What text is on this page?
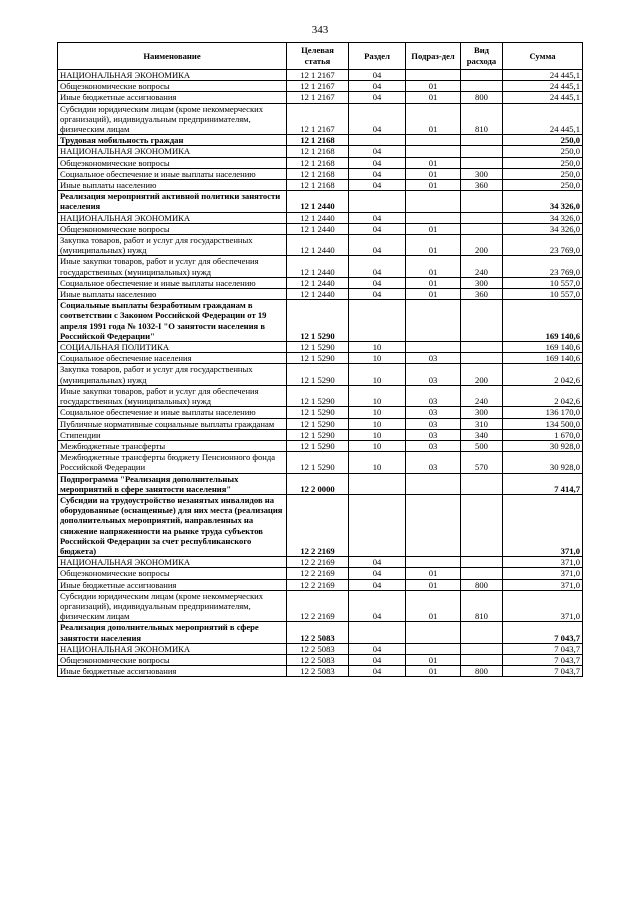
343
Наименование	Целевая статья	Раздел	Подраз-дел	Вид расхода	Сумма
НАЦИОНАЛЬНАЯ ЭКОНОМИКА	12 1 2167	04			24 445,1
Общеэкономические вопросы	12 1 2167	04	01		24 445,1
Иные бюджетные ассигнования	12 1 2167	04	01	800	24 445,1
Субсидии юридическим лицам (кроме некоммерческих организаций), индивидуальным предпринимателям, физическим лицам	12 1 2167	04	01	810	24 445,1
Трудовая мобильность граждан	12 1 2168				250,0
НАЦИОНАЛЬНАЯ ЭКОНОМИКА	12 1 2168	04			250,0
Общеэкономические вопросы	12 1 2168	04	01		250,0
Социальное обеспечение и иные выплаты населению	12 1 2168	04	01	300	250,0
Иные выплаты населению	12 1 2168	04	01	360	250,0
Реализация мероприятий активной политики занятости населения	12 1 2440				34 326,0
НАЦИОНАЛЬНАЯ ЭКОНОМИКА	12 1 2440	04			34 326,0
Общеэкономические вопросы	12 1 2440	04	01		34 326,0
Закупка товаров, работ и услуг для государственных (муниципальных) нужд	12 1 2440	04	01	200	23 769,0
Иные закупки товаров, работ и услуг для обеспечения государственных (муниципальных) нужд	12 1 2440	04	01	240	23 769,0
Социальное обеспечение и иные выплаты населению	12 1 2440	04	01	300	10 557,0
Иные выплаты населению	12 1 2440	04	01	360	10 557,0
Социальные выплаты безработным гражданам в соответствии с Законом Российской Федерации от 19 апреля 1991 года № 1032-I "О занятости населения в Российской Федерации"	12 1 5290				169 140,6
СОЦИАЛЬНАЯ ПОЛИТИКА	12 1 5290	10			169 140,6
Социальное обеспечение населения	12 1 5290	10	03		169 140,6
Закупка товаров, работ и услуг для государственных (муниципальных) нужд	12 1 5290	10	03	200	2 042,6
Иные закупки товаров, работ и услуг для обеспечения государственных (муниципальных) нужд	12 1 5290	10	03	240	2 042,6
Социальное обеспечение и иные выплаты населению	12 1 5290	10	03	300	136 170,0
Публичные нормативные социальные выплаты гражданам	12 1 5290	10	03	310	134 500,0
Стипендии	12 1 5290	10	03	340	1 670,0
Межбюджетные трансферты	12 1 5290	10	03	500	30 928,0
Межбюджетные трансферты бюджету Пенсионного фонда Российской Федерации	12 1 5290	10	03	570	30 928,0
Подпрограмма "Реализация дополнительных мероприятий в сфере занятости населения"	12 2 0000				7 414,7
Субсидии на трудоустройство незанятых инвалидов на оборудованные (оснащенные) для них места (реализация дополнительных мероприятий, направленных на снижение напряженности на рынке труда субъектов Российской Федерации за счет республиканского бюджета)	12 2 2169				371,0
НАЦИОНАЛЬНАЯ ЭКОНОМИКА	12 2 2169	04			371,0
Общеэкономические вопросы	12 2 2169	04	01		371,0
Иные бюджетные ассигнования	12 2 2169	04	01	800	371,0
Субсидии юридическим лицам (кроме некоммерческих организаций), индивидуальным предпринимателям, физическим лицам	12 2 2169	04	01	810	371,0
Реализация дополнительных мероприятий в сфере занятости населения	12 2 5083				7 043,7
НАЦИОНАЛЬНАЯ ЭКОНОМИКА	12 2 5083	04			7 043,7
Общеэкономические вопросы	12 2 5083	04	01		7 043,7
Иные бюджетные ассигнования	12 2 5083	04	01	800	7 043,7
